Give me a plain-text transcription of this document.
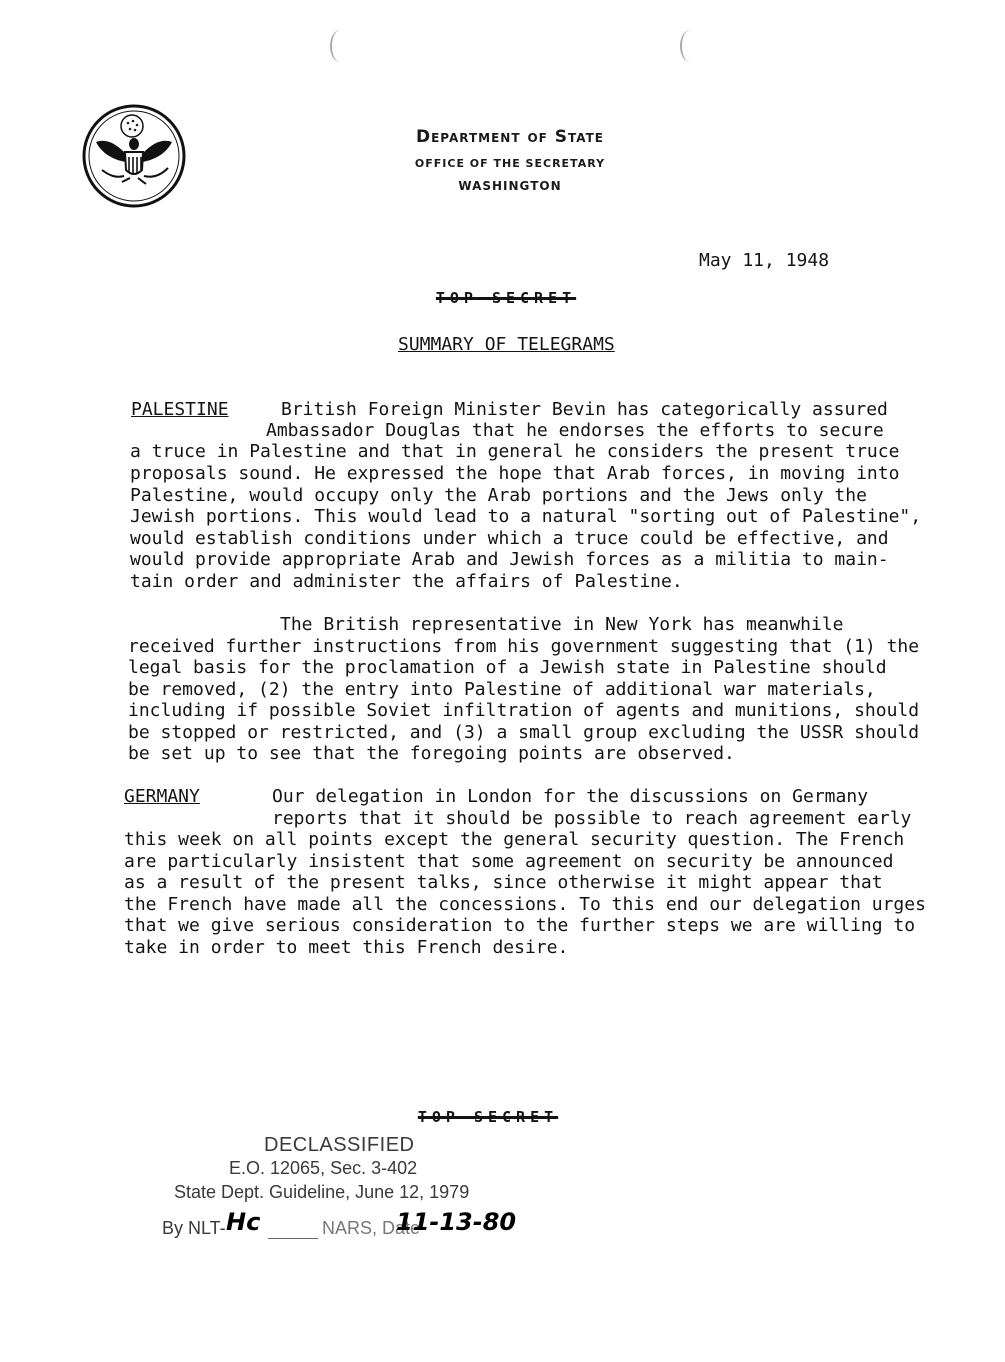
Department of State
OFFICE OF THE SECRETARY
WASHINGTON
May 11, 1948
TOP SECRET
SUMMARY OF TELEGRAMS
PALESTINE	British Foreign Minister Bevin has categorically assured
Ambassador Douglas that he endorses the efforts to secure
a truce in Palestine and that in general he considers the present truce
proposals sound. He expressed the hope that Arab forces, in moving into
Palestine, would occupy only the Arab portions and the Jews only the
Jewish portions. This would lead to a natural "sorting out of Palestine",
would establish conditions under which a truce could be effective, and
would provide appropriate Arab and Jewish forces as a militia to main-
tain order and administer the affairs of Palestine.
The British representative in New York has meanwhile
received further instructions from his government suggesting that (1) the
legal basis for the proclamation of a Jewish state in Palestine should
be removed, (2) the entry into Palestine of additional war materials,
including if possible Soviet infiltration of agents and munitions, should
be stopped or restricted, and (3) a small group excluding the USSR should
be set up to see that the foregoing points are observed.
GERMANY	Our delegation in London for the discussions on Germany
reports that it should be possible to reach agreement early
this week on all points except the general security question. The French
are particularly insistent that some agreement on security be announced
as a result of the present talks, since otherwise it might appear that
the French have made all the concessions. To this end our delegation urges
that we give serious consideration to the further steps we are willing to
take in order to meet this French desire.
TOP SECRET
DECLASSIFIED
E.O. 12065, Sec. 3-402
State Dept. Guideline, June 12, 1979
By NLT- Hc	NARS, Date
11-13-80
